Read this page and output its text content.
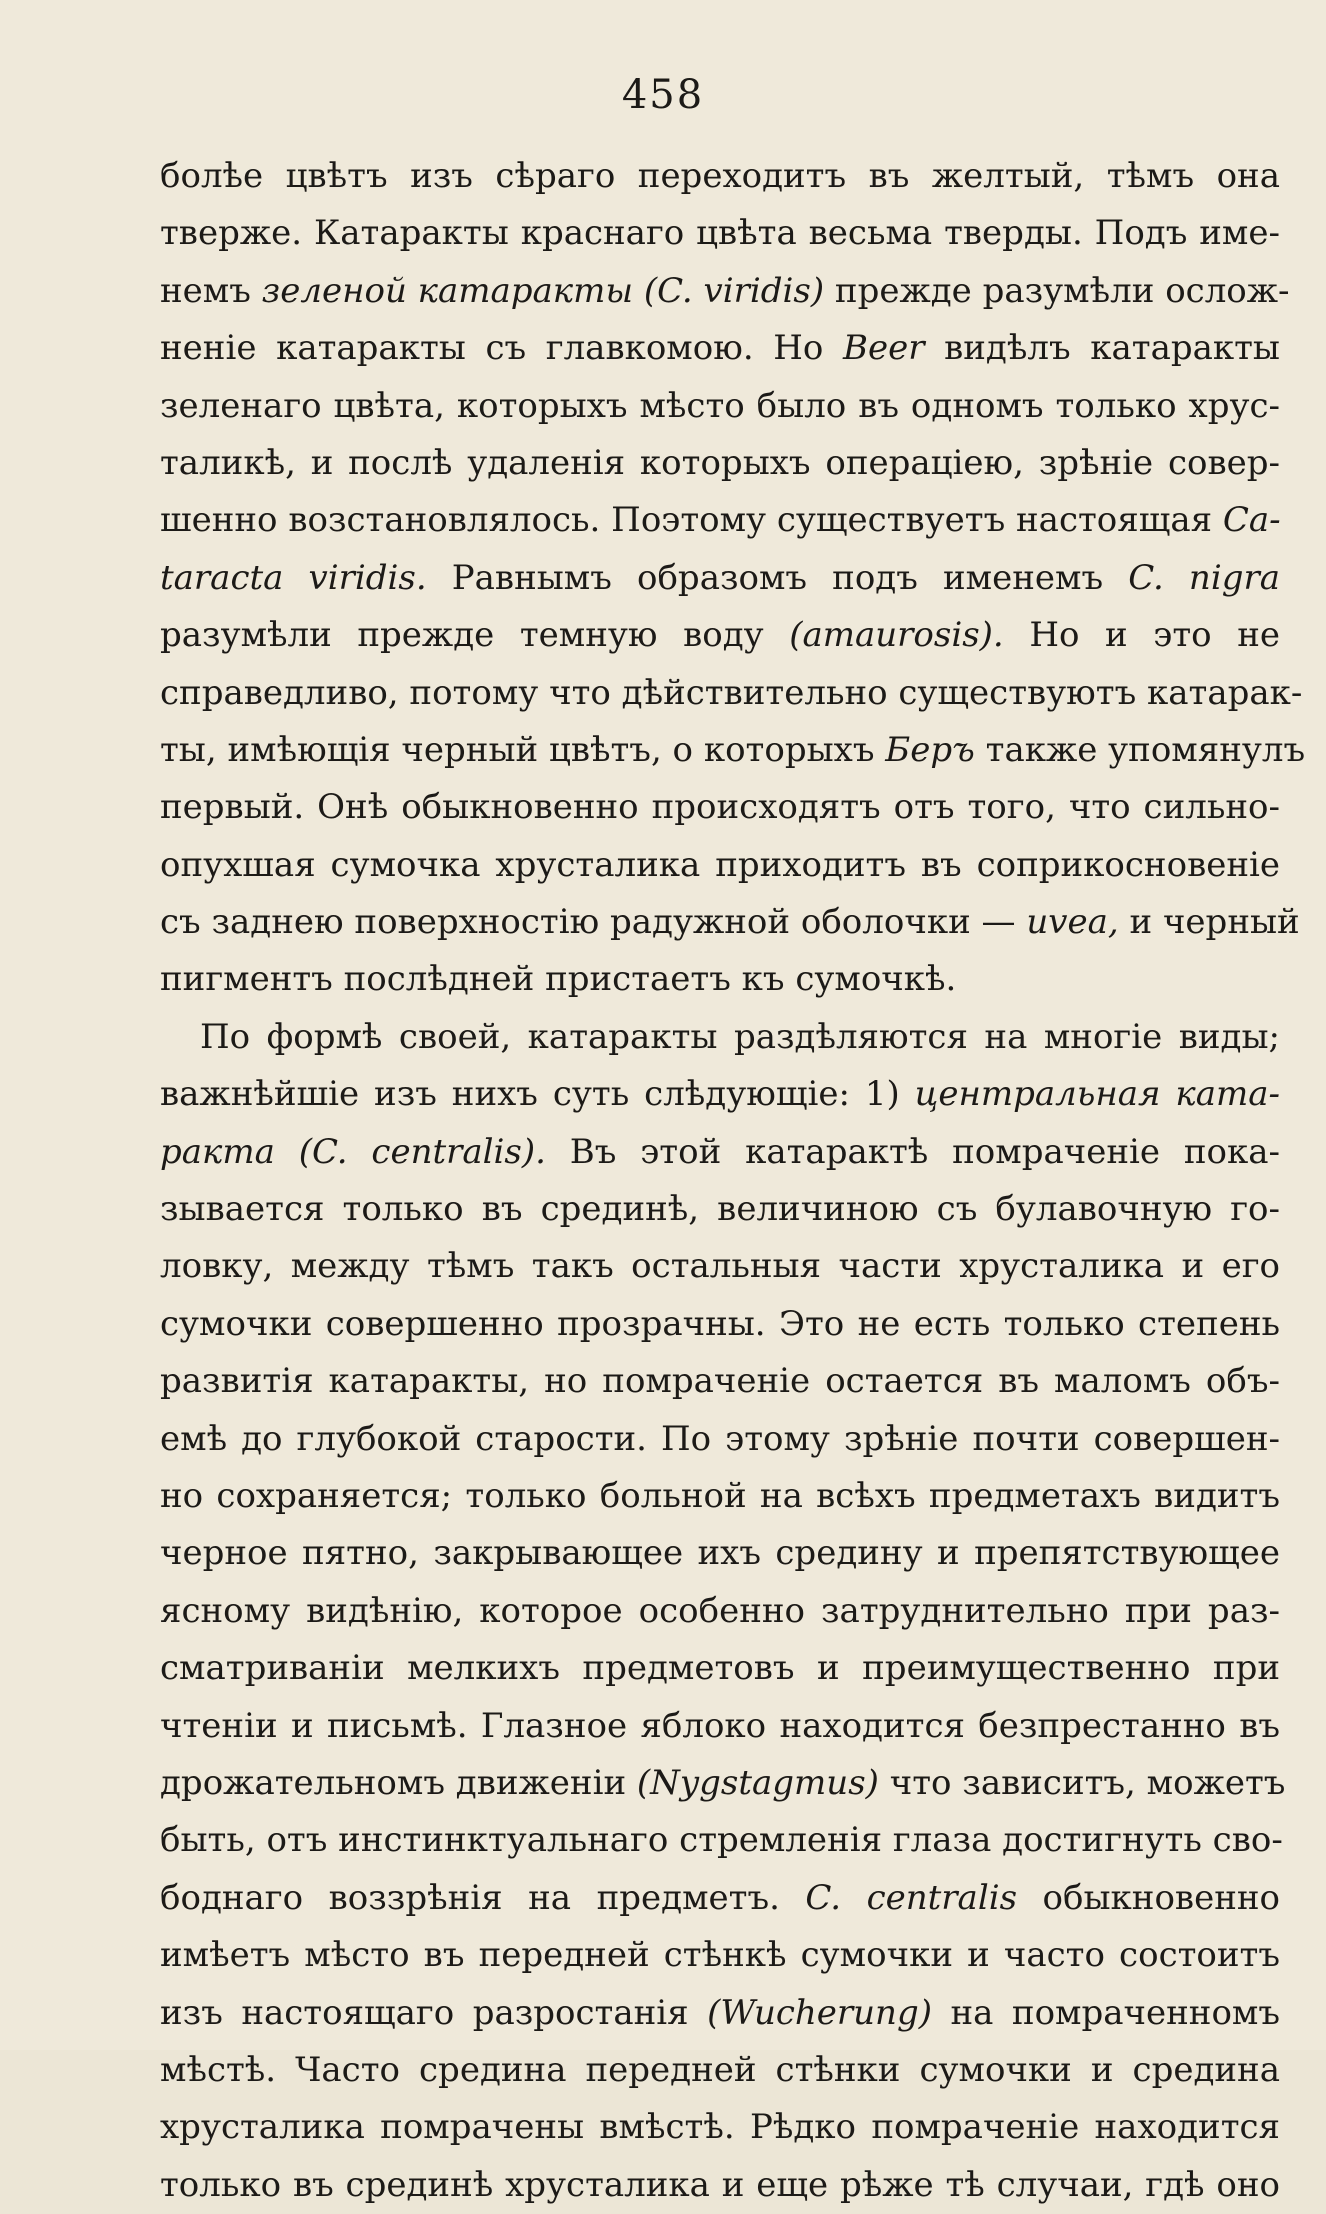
458
болѣе цвѣтъ изъ сѣраго переходитъ въ желтый, тѣмъ она
тверже. Катаракты краснаго цвѣта весьма тверды. Подъ име-
немъ зеленой катаракты (C. viridis) прежде разумѣли ослож-
неніе катаракты съ главкомою. Но Beer видѣлъ катаракты
зеленаго цвѣта, которыхъ мѣсто было въ одномъ только хрус-
таликѣ, и послѣ удаленія которыхъ операціею, зрѣніе совер-
шенно возстановлялось. Поэтому существуетъ настоящая Ca-
taracta viridis. Равнымъ образомъ подъ именемъ C. nigra
разумѣли прежде темную воду (amaurosis). Но и это не
справедливо, потому что дѣйствительно существуютъ катарак-
ты, имѣющія черный цвѣтъ, о которыхъ Беръ также упомянулъ
первый. Онѣ обыкновенно происходятъ отъ того, что сильно-
опухшая сумочка хрусталика приходитъ въ соприкосновеніе
съ заднею поверхностію радужной оболочки — uvea, и черный
пигментъ послѣдней пристаетъ къ сумочкѣ.
По формѣ своей, катаракты раздѣляются на многіе виды;
важнѣйшіе изъ нихъ суть слѣдующіе: 1) центральная ката-
ракта (C. centralis). Въ этой катарактѣ помраченіе пока-
зывается только въ срединѣ, величиною съ булавочную го-
ловку, между тѣмъ такъ остальныя части хрусталика и его
сумочки совершенно прозрачны. Это не есть только степень
развитія катаракты, но помраченіе остается въ маломъ объ-
емѣ до глубокой старости. По этому зрѣніе почти совершен-
но сохраняется; только больной на всѣхъ предметахъ видитъ
черное пятно, закрывающее ихъ средину и препятствующее
ясному видѣнію, которое особенно затруднительно при раз-
сматриваніи мелкихъ предметовъ и преимущественно при
чтеніи и письмѣ. Глазное яблоко находится безпрестанно въ
дрожательномъ движеніи (Nygstagmus) что зависитъ, можетъ
быть, отъ инстинктуальнаго стремленія глаза достигнуть сво-
боднаго воззрѣнія на предметъ. C. centralis обыкновенно
имѣетъ мѣсто въ передней стѣнкѣ сумочки и часто состоитъ
изъ настоящаго разростанія (Wucherung) на помраченномъ
мѣстѣ. Часто средина передней стѣнки сумочки и средина
хрусталика помрачены вмѣстѣ. Рѣдко помраченіе находится
только въ срединѣ хрусталика и еще рѣже тѣ случаи, гдѣ оно
